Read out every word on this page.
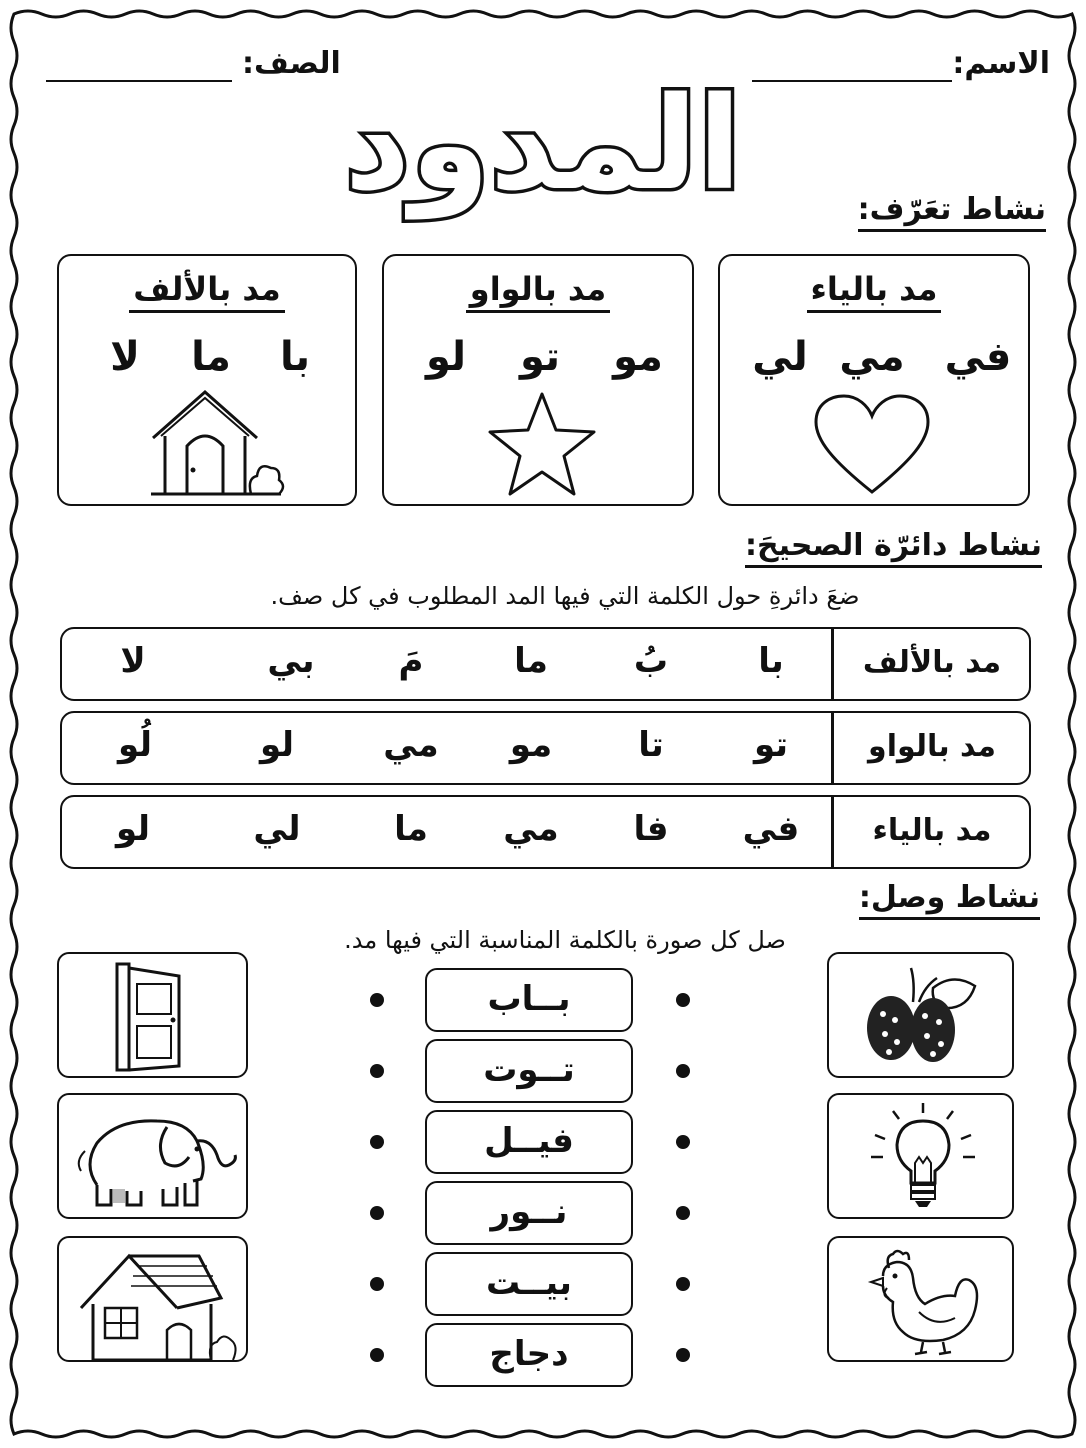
الاسم:
الصف:
المدود	نشاط تعَرّف:
مد بالياء
في
مي
لي
مد بالواو
مو
تو
لو
مد بالألف
با
ما
لا
نشاط دائرّة الصحيحَ:
ضعَ دائرةِ حول الكلمة التي فيها المد المطلوب في كل صف.
مد بالألف
با
بُ
ما
مَ
بي
لا
مد بالواو
تو
تا
مو
مي
لو
لُو
مد بالياء
في
فا
مي
ما
لي
لو
نشاط وصل:
صل كل صورة بالكلمة المناسبة التي فيها مد.
بــاب
تــوت
فيــل
نــور
بيــت
دجاج
